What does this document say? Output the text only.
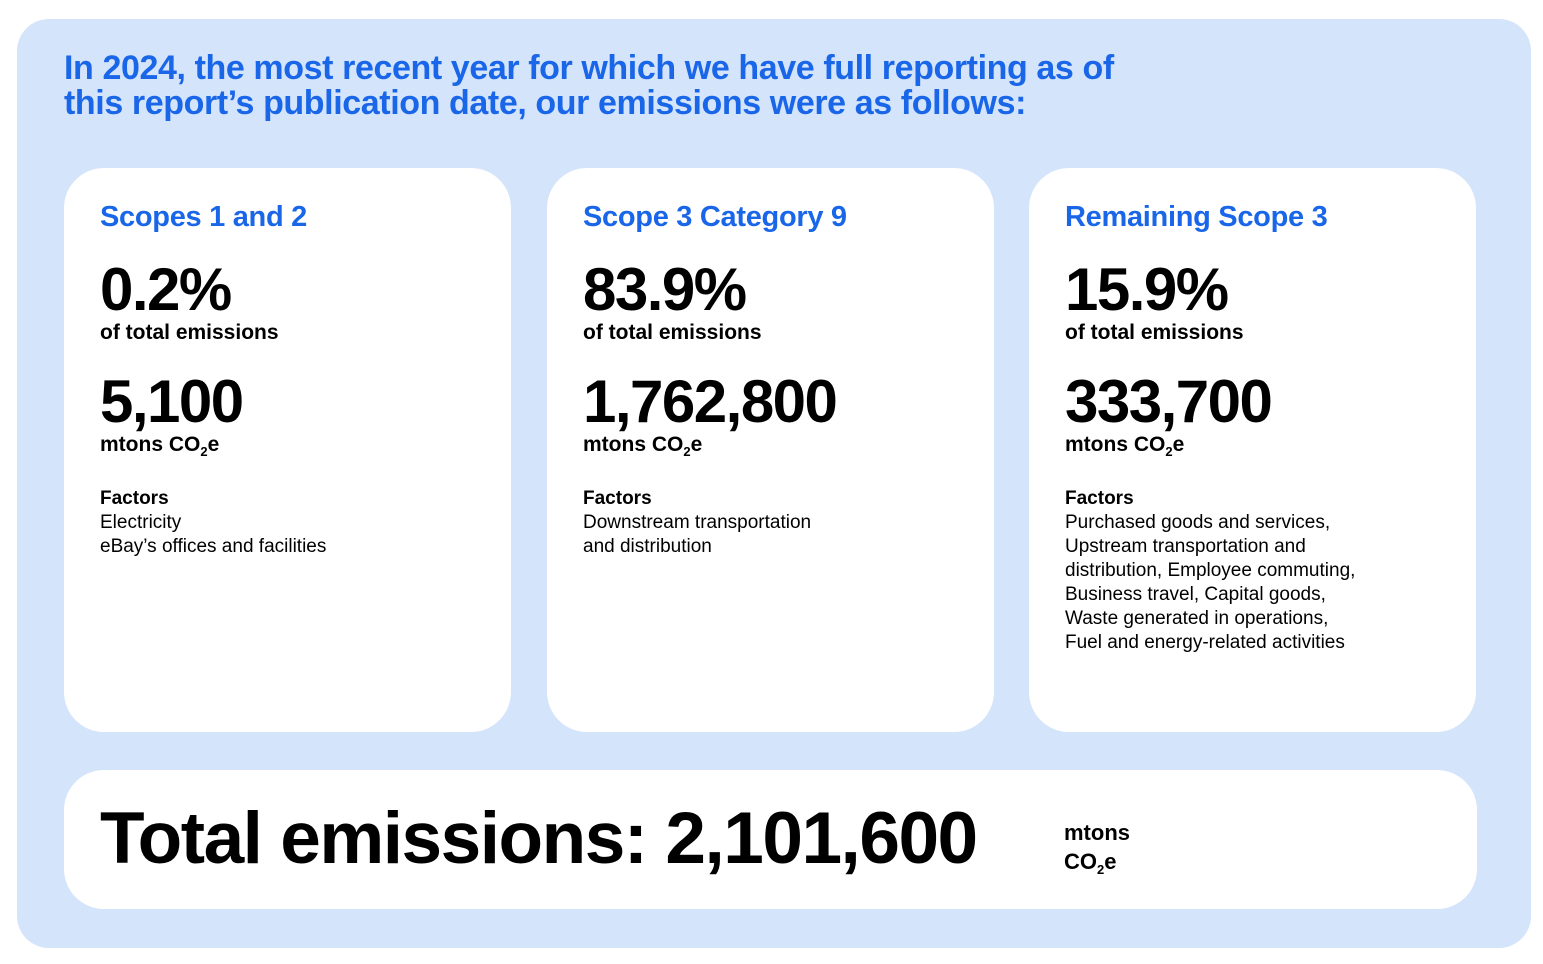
In 2024, the most recent year for which we have full reporting as of
this report’s publication date, our emissions were as follows:
Scopes 1 and 2
0.2%
of total emissions
5,100
mtons $CO_2e$
Factors
Electricity
eBay’s offices and facilities
Scope 3 Category 9
83.9%
of total emissions
1,762,800
mtons $CO_2e$
Factors
Downstream transportation
and distribution
Remaining Scope 3
15.9%
of total emissions
333,700
mtons $CO_2e$
Factors
Purchased goods and services,
Upstream transportation and
distribution, Employee commuting,
Business travel, Capital goods,
Waste generated in operations,
Fuel and energy-related activities
Total emissions: 2,101,600	mtons
$CO_2e$
